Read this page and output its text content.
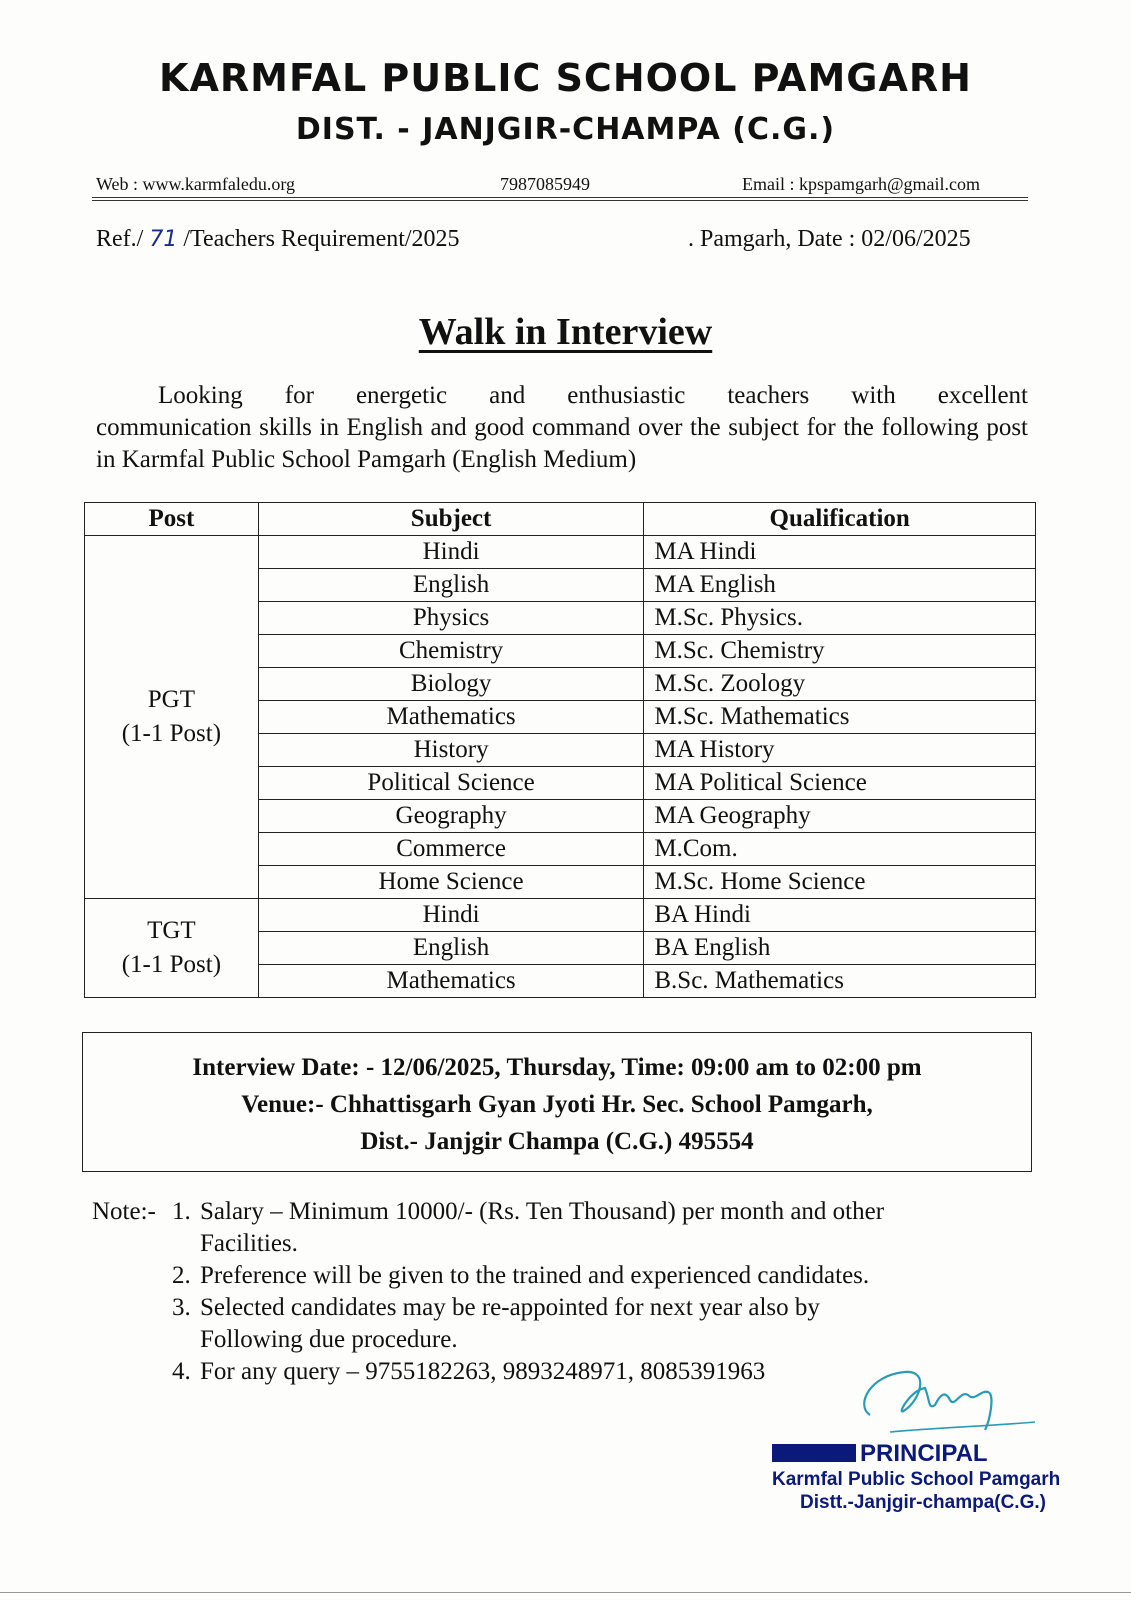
KARMFAL PUBLIC SCHOOL PAMGARH
DIST. - JANJGIR-CHAMPA (C.G.)
Web : www.karmfaledu.org	7987085949	Email : kpspamgarh@gmail.com
Ref./ 71 /Teachers Requirement/2025	. Pamgarh, Date : 02/06/2025
Walk in Interview
Looking for energetic and enthusiastic teachers with excellent
communication skills in English and good command over the subject for the following post in Karmfal Public School Pamgarh (English Medium)
Post	Subject	Qualification

PGT
(1-1 Post)	Hindi	MA Hindi
	English	MA English
	Physics	M.Sc. Physics.
	Chemistry	M.Sc. Chemistry
	Biology	M.Sc. Zoology
	Mathematics	M.Sc. Mathematics
	History	MA History
	Political Science	MA Political Science
	Geography	MA Geography
	Commerce	M.Com.
	Home Science	M.Sc. Home Science

TGT
(1-1 Post)	Hindi	BA Hindi
	English	BA English
	Mathematics	B.Sc. Mathematics
Interview Date: - 12/06/2025, Thursday, Time: 09:00 am to 02:00 pm
Venue:- Chhattisgarh Gyan Jyoti Hr. Sec. School Pamgarh,
Dist.- Janjgir Champa (C.G.) 495554
Note:- 1. Salary – Minimum 10000/- (Rs. Ten Thousand) per month and other
Facilities.
2. Preference will be given to the trained and experienced candidates.
3. Selected candidates may be re-appointed for next year also by
Following due procedure.
4. For any query – 9755182263, 9893248971, 8085391963
PRINCIPAL
Karmfal Public School Pamgarh
Distt.-Janjgir-champa(C.G.)
